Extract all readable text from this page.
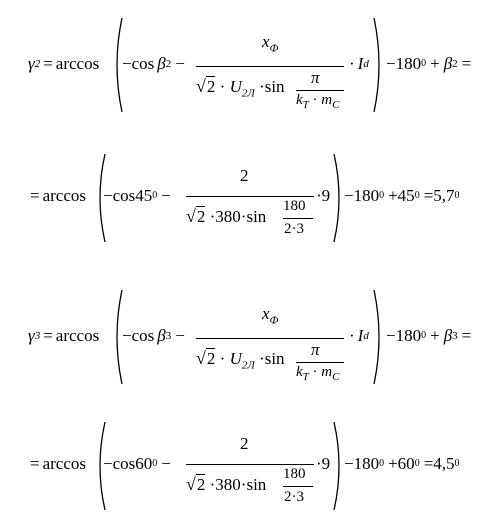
γ 2 = arccos −cos β 2 −
$x_Ф$
$√2 \cdot U_{2Л} \cdot\sin$ π
$k_T \cdot m_C$
· I d −180 0 + β 2 =
= arccos −cos45 0 −
2
√2 ·380·sin
180
2·3
·9 −180 0 +45 0 =5,7 0
γ 3 = arccos −cos β 3 −
$x_Ф$
$√2 \cdot U_{2Л} \cdot\sin$ π
$k_T \cdot m_C$
· I d −180 0 + β 3 =
= arccos −cos60 0 −
2
√2 ·380·sin
180
2·3
·9 −180 0 +60 0 =4,5 0
